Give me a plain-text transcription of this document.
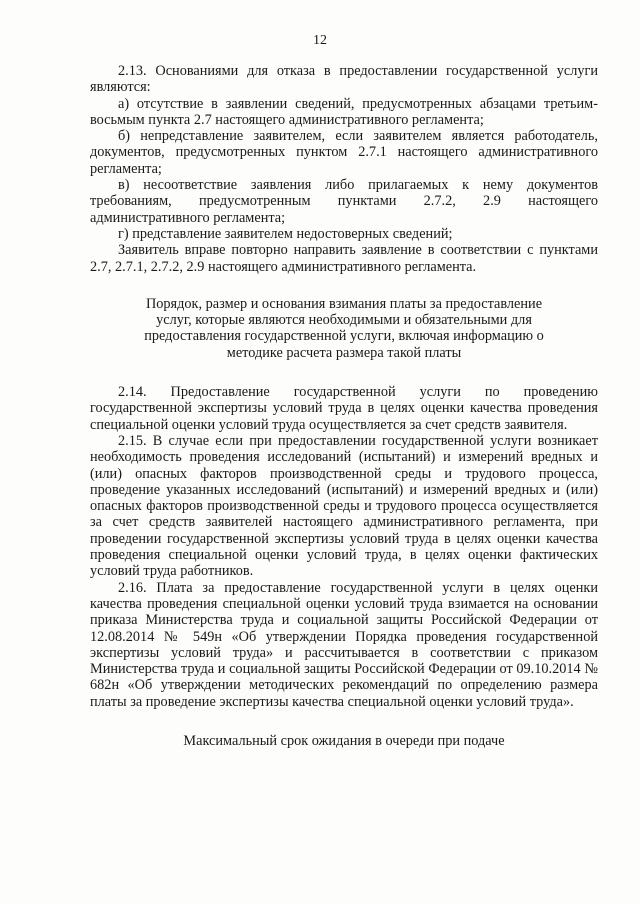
12

2.13. Основаниями для отказа в предоставлении государственной услуги являются:

а) отсутствие в заявлении сведений, предусмотренных абзацами третьим-восьмым пункта 2.7 настоящего административного регламента;

б) непредставление заявителем, если заявителем является работодатель, документов, предусмотренных пунктом 2.7.1 настоящего административного регламента;

в) несоответствие заявления либо прилагаемых к нему документов требованиям, предусмотренным пунктами 2.7.2, 2.9 настоящего административного регламента;

г) представление заявителем недостоверных сведений;

Заявитель вправе повторно направить заявление в соответствии с пунктами 2.7, 2.7.1, 2.7.2, 2.9 настоящего административного регламента.

Порядок, размер и основания взимания платы за предоставление услуг, которые являются необходимыми и обязательными для предоставления государственной услуги, включая информацию о методике расчета размера такой платы

2.14. Предоставление государственной услуги по проведению государственной экспертизы условий труда в целях оценки качества проведения специальной оценки условий труда осуществляется за счет средств заявителя.

2.15. В случае если при предоставлении государственной услуги возникает необходимость проведения исследований (испытаний) и измерений вредных и (или) опасных факторов производственной среды и трудового процесса, проведение указанных исследований (испытаний) и измерений вредных и (или) опасных факторов производственной среды и трудового процесса осуществляется за счет средств заявителей настоящего административного регламента, при проведении государственной экспертизы условий труда в целях оценки качества проведения специальной оценки условий труда, в целях оценки фактических условий труда работников.

2.16. Плата за предоставление государственной услуги в целях оценки качества проведения специальной оценки условий труда взимается на основании приказа Министерства труда и социальной защиты Российской Федерации от 12.08.2014 № 549н «Об утверждении Порядка проведения государственной экспертизы условий труда» и рассчитывается в соответствии с приказом Министерства труда и социальной защиты Российской Федерации от 09.10.2014 № 682н «Об утверждении методических рекомендаций по определению размера платы за проведение экспертизы качества специальной оценки условий труда».

Максимальный срок ожидания в очереди при подаче
